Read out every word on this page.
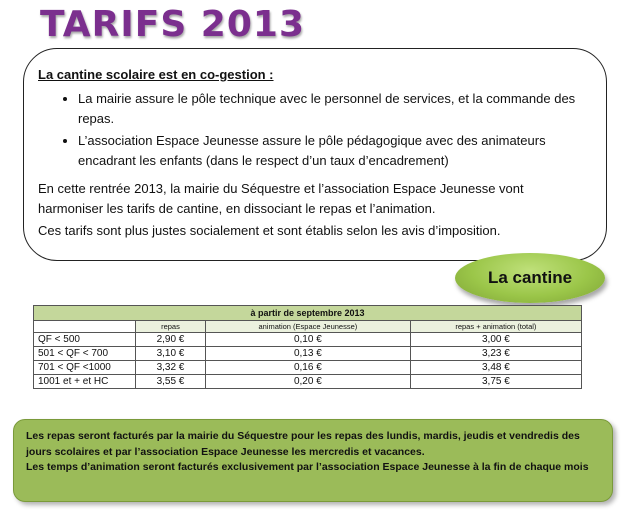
TARIFS 2013
La cantine scolaire est en co-gestion :
• La mairie assure le pôle technique avec le personnel de services, et la commande des repas.
• L’association Espace Jeunesse assure le pôle pédagogique avec des animateurs encadrant les enfants (dans le respect d’un taux d’encadrement)

En cette rentrée 2013, la mairie du Séquestre et l’association Espace Jeunesse vont harmoniser les tarifs de cantine, en dissociant le repas et l’animation.

Ces tarifs sont plus justes socialement et sont établis selon les avis d’imposition.

La cantine
à partir de septembre 2013			
	repas	animation (Espace Jeunesse)	repas + animation (total)
QF < 500	2,90 €	0,10 €	3,00 €
501 < QF < 700	3,10 €	0,13 €	3,23 €
701 < QF <1000	3,32 €	0,16 €	3,48 €
1001 et + et HC	3,55 €	0,20 €	3,75 €
Les repas seront facturés par la mairie du Séquestre pour les repas des lundis, mardis, jeudis et vendredis des jours scolaires et par l’association Espace Jeunesse les mercredis et vacances.
Les temps d’animation seront facturés exclusivement par l’association Espace Jeunesse à la fin de chaque mois
